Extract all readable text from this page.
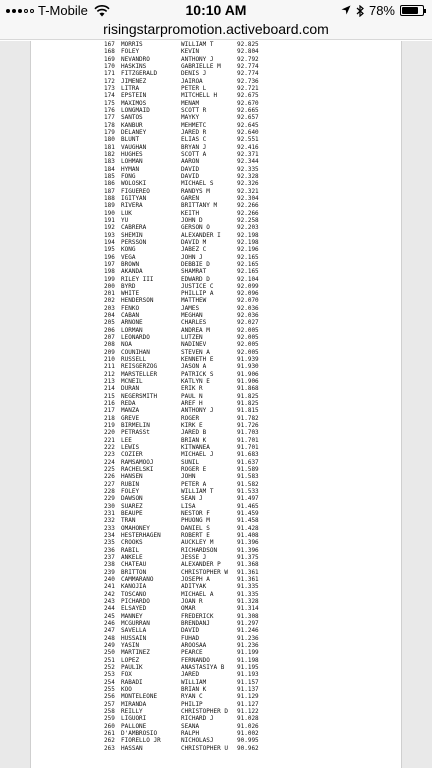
T-Mobile	10:10 AM	78%
risingstarpromotion.activeboard.com
167	MORRIS	WILLIAM T	92.825
168	FOLEY	KEVIN	92.804
169	NEVANDRO	ANTHONY J	92.792
170	HASKINS	GABRIELLE M	92.774
171	FITZGERALD	DENIS J	92.774
172	JIMENEZ	JAIROA	92.736
173	LITRA	PETER L	92.721
174	EPSTEIN	MITCHELL H	92.675
175	MAXIMOS	MENAM	92.670
176	LONGMAID	SCOTT R	92.665
177	SANTOS	MAYKY	92.657
178	KANBUR	MEHMETC	92.645
179	DELANEY	JARED R	92.640
180	BLUNT	ELIAS C	92.551
181	VAUGHAN	BRYAN J	92.416
182	HUGHES	SCOTT A	92.371
183	LOHMAN	AARON	92.344
184	HYMAN	DAVID	92.335
185	FONG	DAVID	92.328
186	WOLOSKI	MICHAEL S	92.326
187	FIGUEREO	RANDYS M	92.321
188	IGITYAN	GAREN	92.304
189	RIVERA	BRITTANY M	92.266
190	LUK	KEITH	92.266
191	YU	JOHN D	92.258
192	CABRERA	GERSON O	92.203
193	SHEMIN	ALEXANDER I	92.198
194	PERSSON	DAVID M	92.198
195	KONG	JABEZ C	92.196
196	VEGA	JOHN J	92.165
197	BROWN	DEBBIE D	92.165
198	AKANDA	SHAMRAT	92.165
199	RILEY III	EDWARD D	92.104
200	BYRD	JUSTICE C	92.099
201	WHITE	PHILLIP A	92.096
202	HENDERSON	MATTHEW	92.070
203	FENKO	JAMES	92.036
204	CABAN	MEGHAN	92.036
205	ARNONE	CHARLES	92.027
206	LORMAN	ANDREA M	92.005
207	LEONARDO	LUTZEN	92.005
208	NOA	NADINEV	92.005
209	COUNIHAN	STEVEN A	92.005
210	RUSSELL	KENNETH E	91.939
211	REISGERZOG	JASON A	91.930
212	MARSTELLER	PATRICK S	91.906
213	MCNEIL	KATLYN E	91.906
214	DURAN	ERIK R	91.868
215	NEGERSMITH	PAUL N	91.825
216	REDA	AREF H	91.825
217	MANZA	ANTHONY J	91.815
218	GREVE	ROGER	91.782
219	BIRMELIN	KIRK E	91.726
220	PETRASSt	JARED B	91.703
221	LEE	BRIAN K	91.701
222	LEWIS	KITWANEA	91.701
223	COZIER	MICHAEL J	91.683
224	RAMSAMOOJ	SUNIL	91.637
225	RACHELSKI	ROGER E	91.589
226	HANSEN	JOHN	91.583
227	RUBIN	PETER A	91.582
228	FOLEY	WILLIAM T	91.533
229	DAWSON	SEAN J	91.497
230	SUAREZ	LISA	91.465
231	BEAUPE	NESTOR F	91.459
232	TRAN	PHUONG M	91.458
233	OMAHONEY	DANIEL S	91.428
234	HESTERHAGEN	ROBERT E	91.408
235	CROOKS	AUCKLEY M	91.396
236	RABIL	RICHARDSON	91.396
237	ANKELE	JESSE J	91.375
238	CHATEAU	ALEXANDER P	91.368
239	BRITTON	CHRISTOPHER W	91.361
240	CAMMARANO	JOSEPH A	91.361
241	KANOJIA	ADITYAK	91.335
242	TOSCANO	MICHAEL A	91.335
243	PICHARDO	JOAN R	91.328
244	ELSAYED	OMAR	91.314
245	MANNEY	FREDERICK	91.308
246	MCGURRAN	BRENDANJ	91.297
247	SAVELLA	DAVID	91.246
248	HUSSAIN	FUHAD	91.236
249	YASIN	AROOSAA	91.236
250	MARTINEZ	PEARCE	91.199
251	LOPEZ	FERNANDO	91.198
252	PAULIK	ANASTASIYA B	91.195
253	FOX	JARED	91.193
254	RABADI	WILLIAM	91.157
255	KOO	BRIAN K	91.137
256	MONTELEONE	RYAN C	91.129
257	MIRANDA	PHILIP	91.127
258	REILLY	CHRISTOPHER D	91.122
259	LIGUORI	RICHARD J	91.028
260	PALLONE	SEANA	91.026
261	D'AMBROSIO	RALPH	91.002
262	FIORELLO JR	NICHOLASJ	90.995
263	HASSAN	CHRISTOPHER U	90.962
